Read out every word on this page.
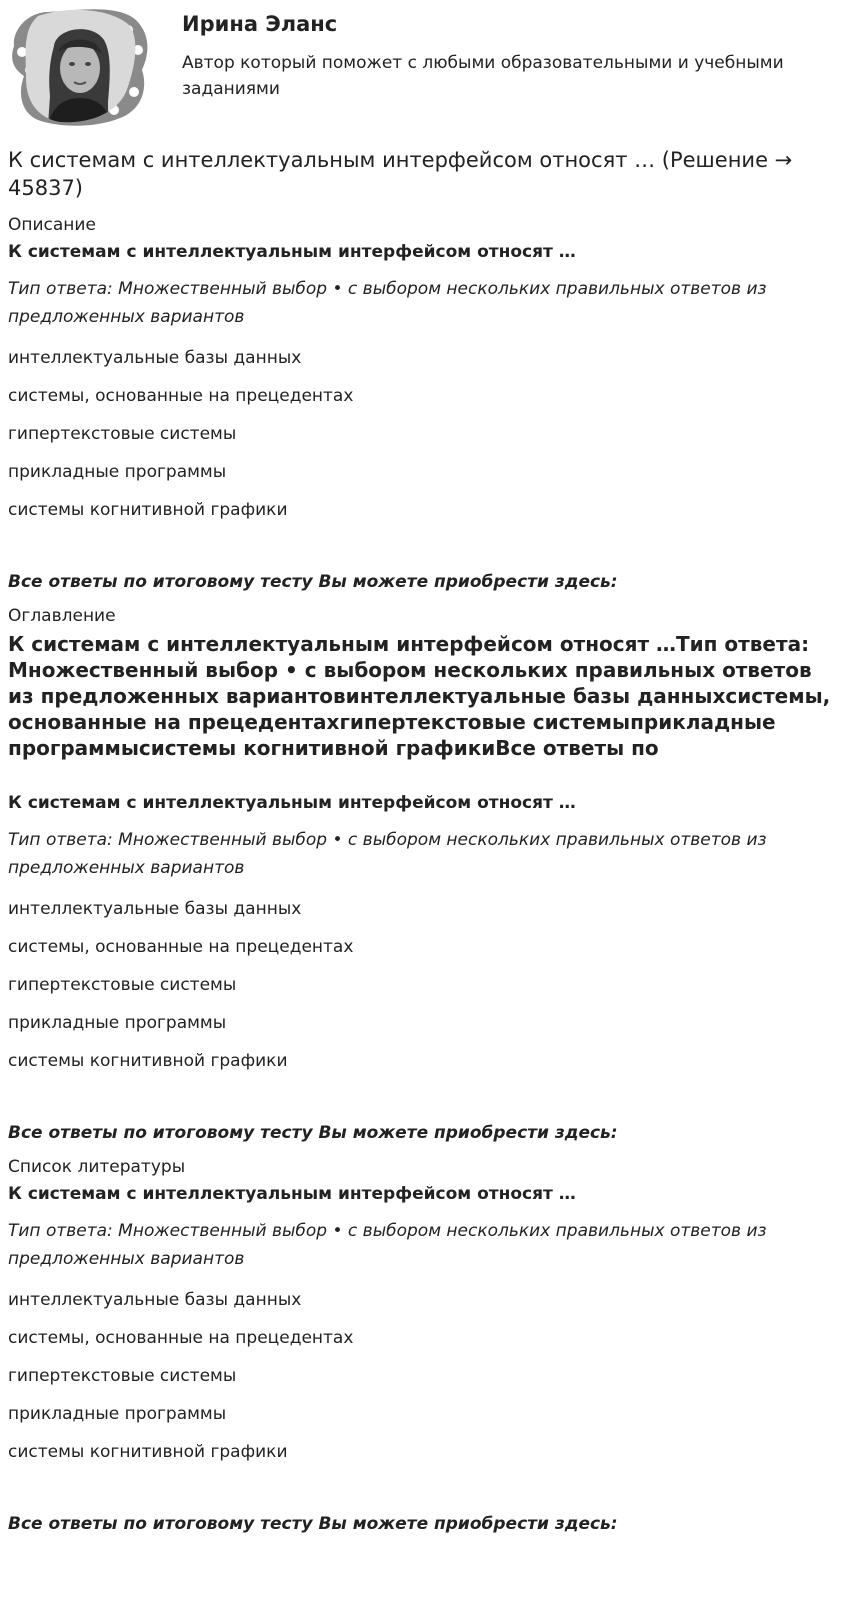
Ирина Эланс
Автор который поможет с любыми образовательными и учебными заданиями
К системам с интеллектуальным интерфейсом относят … (Решение → 45837)
Описание
К системам с интеллектуальным интерфейсом относят …
Тип ответа: Множественный выбор • с выбором нескольких правильных ответов из предложенных вариантов
интеллектуальные базы данных
системы, основанные на прецедентах
гипертекстовые системы
прикладные программы
системы когнитивной графики
Все ответы по итоговому тесту Вы можете приобрести здесь:
Оглавление
К системам с интеллектуальным интерфейсом относят …Тип ответа: Множественный выбор • с выбором нескольких правильных ответов из предложенных вариантовинтеллектуальные базы данныхсистемы, основанные на прецедентахгипертекстовые системыприкладные программысистемы когнитивной графикиВсе ответы по
К системам с интеллектуальным интерфейсом относят …
Тип ответа: Множественный выбор • с выбором нескольких правильных ответов из предложенных вариантов
интеллектуальные базы данных
системы, основанные на прецедентах
гипертекстовые системы
прикладные программы
системы когнитивной графики
Все ответы по итоговому тесту Вы можете приобрести здесь:
Список литературы
К системам с интеллектуальным интерфейсом относят …
Тип ответа: Множественный выбор • с выбором нескольких правильных ответов из предложенных вариантов
интеллектуальные базы данных
системы, основанные на прецедентах
гипертекстовые системы
прикладные программы
системы когнитивной графики
Все ответы по итоговому тесту Вы можете приобрести здесь:
